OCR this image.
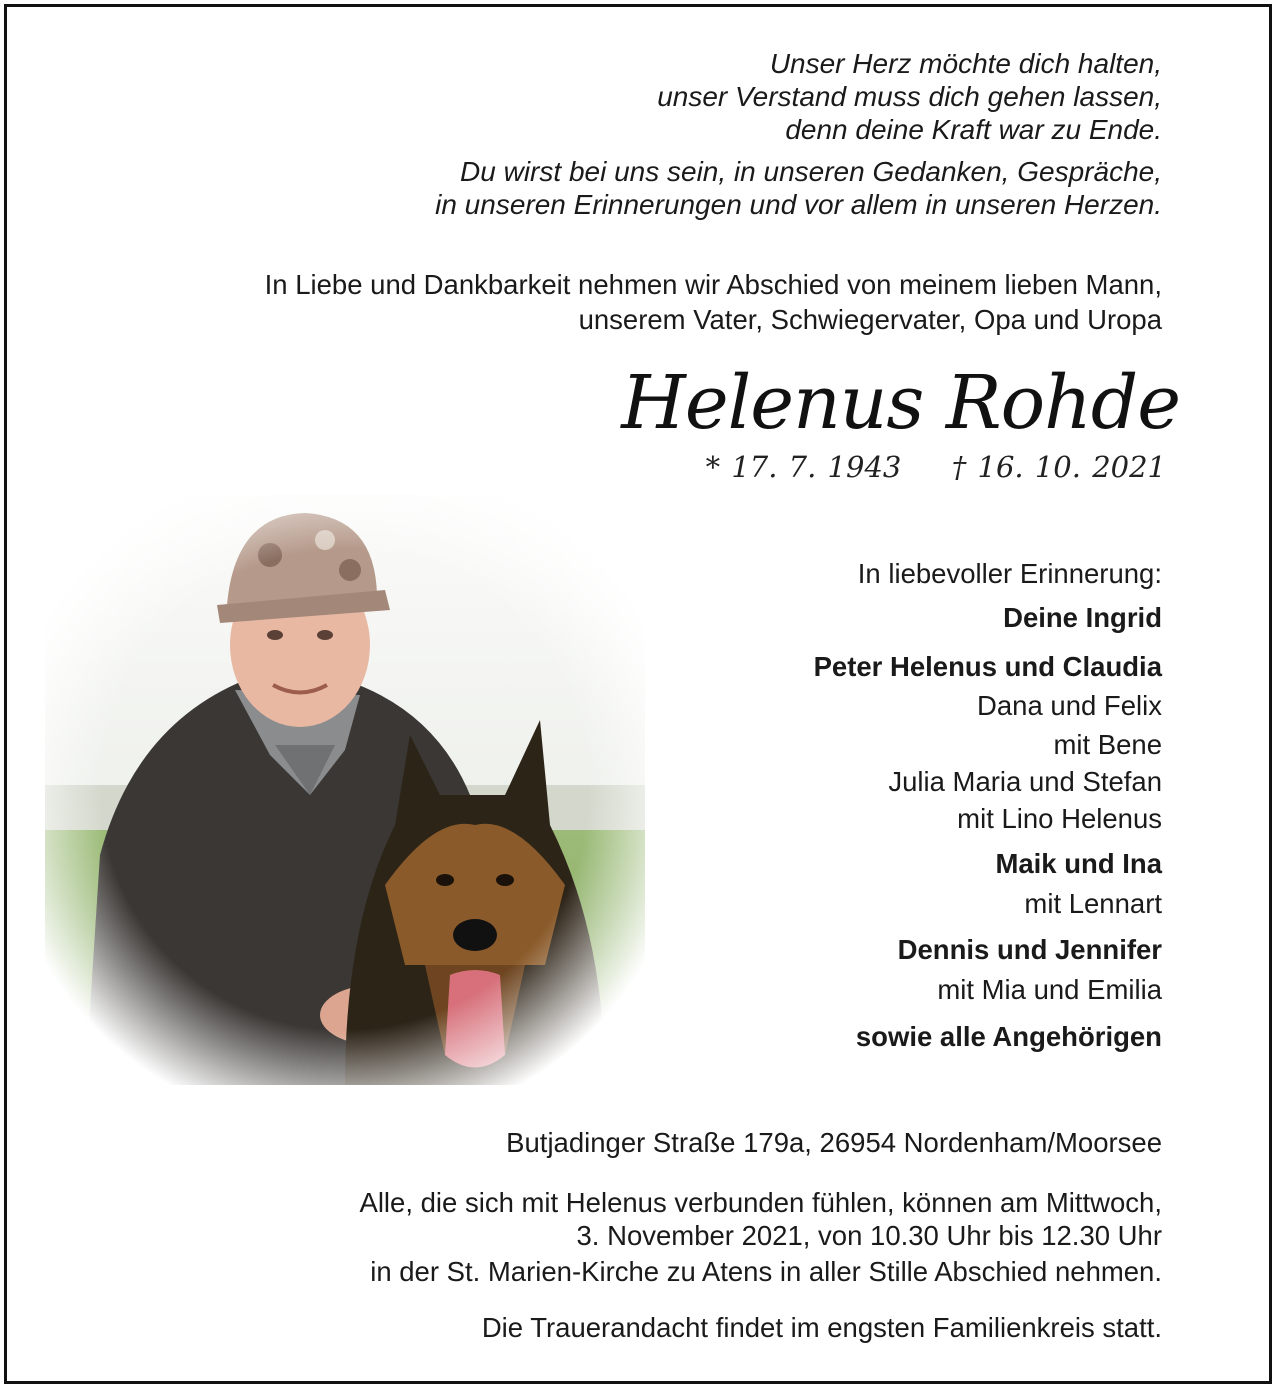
Unser Herz möchte dich halten,
unser Verstand muss dich gehen lassen,
denn deine Kraft war zu Ende.
Du wirst bei uns sein, in unseren Gedanken, Gespräche,
in unseren Erinnerungen und vor allem in unseren Herzen.
In Liebe und Dankbarkeit nehmen wir Abschied von meinem lieben Mann,
unserem Vater, Schwiegervater, Opa und Uropa
Helenus Rohde
* 17. 7. 1943 † 16. 10. 2021
In liebevoller Erinnerung:
Deine Ingrid
Peter Helenus und Claudia
Dana und Felix
mit Bene
Julia Maria und Stefan
mit Lino Helenus
Maik und Ina
mit Lennart
Dennis und Jennifer
mit Mia und Emilia
sowie alle Angehörigen
Butjadinger Straße 179a, 26954 Nordenham/Moorsee
Alle, die sich mit Helenus verbunden fühlen, können am Mittwoch,
3. November 2021, von 10.30 Uhr bis 12.30 Uhr
in der St. Marien-Kirche zu Atens in aller Stille Abschied nehmen.
Die Trauerandacht findet im engsten Familienkreis statt.
